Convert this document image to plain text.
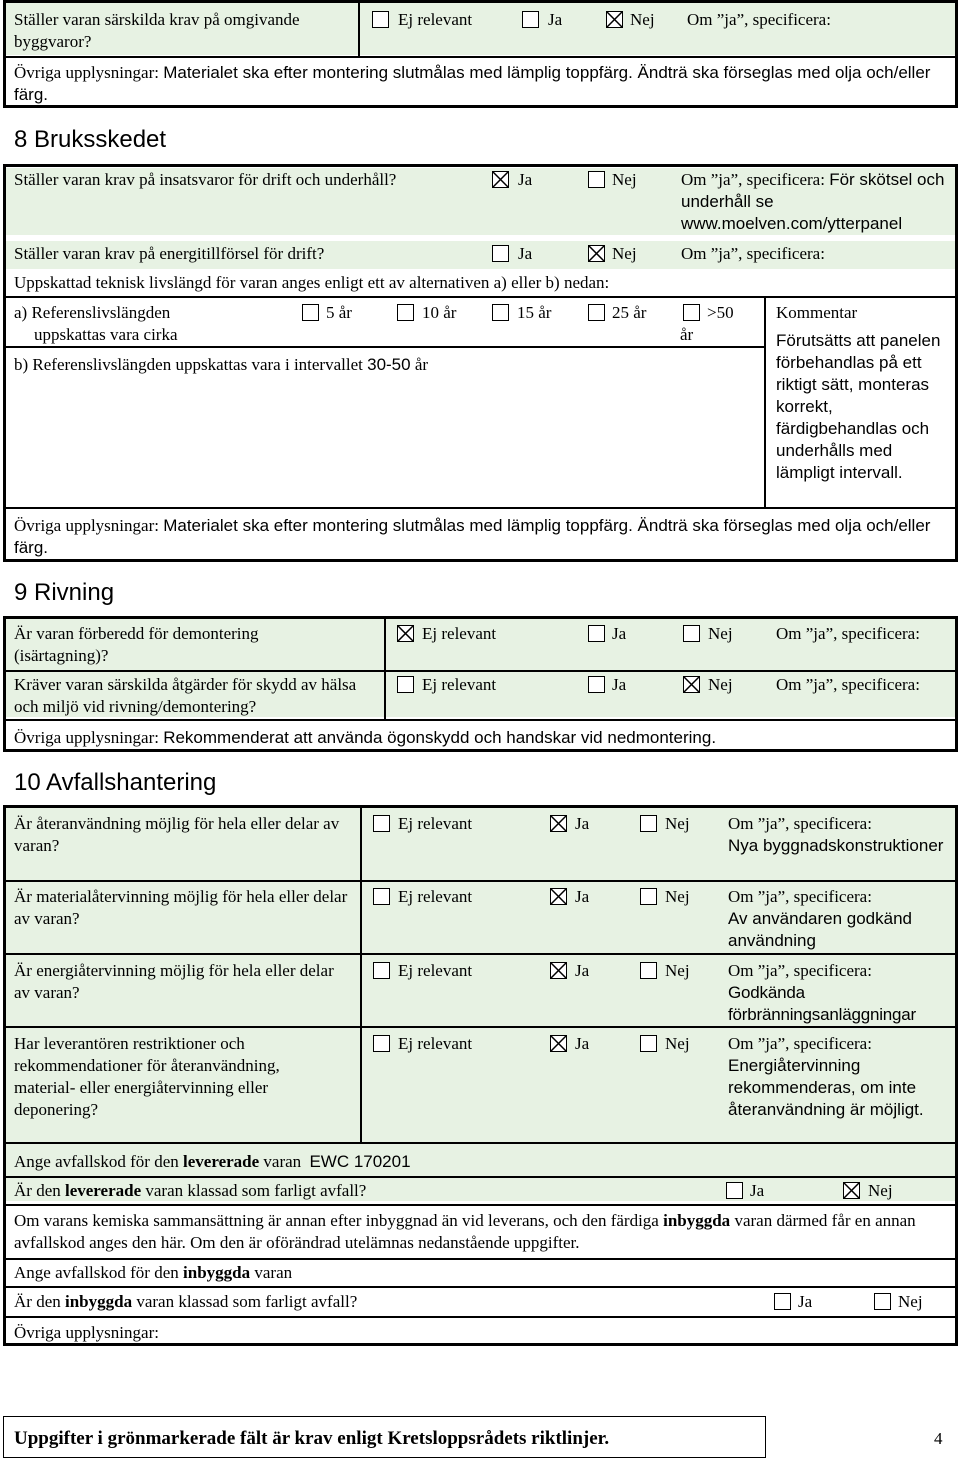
Ställer varan särskilda krav på omgivande byggvaror?
Ej relevant	Ja	Nej Om ”ja”, specificera:
Övriga upplysningar: Materialet ska efter montering slutmålas med lämplig toppfärg. Ändträ ska förseglas med olja och/eller färg.
8 Bruksskedet
Ställer varan krav på insatsvaror för drift och underhåll?	Ja	Nej	Om ”ja”, specificera: För skötsel och underhåll se www.moelven.com/ytterpanel
Ställer varan krav på energitillförsel för drift?	Ja	Nej	Om ”ja”, specificera:
Uppskattad teknisk livslängd för varan anges enligt ett av alternativen a) eller b) nedan:
a) Referenslivslängden uppskattas vara cirka
5 år	10 år	15 år	25 år	>50 år
b) Referenslivslängden uppskattas vara i intervallet 30-50 år
Kommentar
Förutsätts att panelen förbehandlas på ett riktigt sätt, monteras korrekt, färdigbehandlas och underhålls med lämpligt intervall.
Övriga upplysningar: Materialet ska efter montering slutmålas med lämplig toppfärg. Ändträ ska förseglas med olja och/eller färg.
9 Rivning
Är varan förberedd för demontering (isärtagning)?
Ej relevant	Ja	Nej	Om ”ja”, specificera:
Kräver varan särskilda åtgärder för skydd av hälsa och miljö vid rivning/demontering?
Ej relevant	Ja	Nej	Om ”ja”, specificera:
Övriga upplysningar: Rekommenderat att använda ögonskydd och handskar vid nedmontering.
10 Avfallshantering
Är återanvändning möjlig för hela eller delar av varan?
Ej relevant	Ja	Nej Om ”ja”, specificera:
Nya byggnadskonstruktioner
Är materialåtervinning möjlig för hela eller delar av varan?
Ej relevant	Ja	Nej Om ”ja”, specificera:
Av användaren godkänd användning
Är energiåtervinning möjlig för hela eller delar av varan?
Ej relevant	Ja	Nej Om ”ja”, specificera:
Godkända förbränningsanläggningar
Har leverantören restriktioner och rekommendationer för återanvändning, material- eller energiåtervinning eller deponering?
Ej relevant	Ja	Nej Om ”ja”, specificera:
Energiåtervinning rekommenderas, om inte återanvändning är möjligt.
Ange avfallskod för den levererade varan EWC 170201
Är den levererade varan klassad som farligt avfall?	Ja	Nej
Om varans kemiska sammansättning är annan efter inbyggnad än vid leverans, och den färdiga inbyggda varan därmed får en annan avfallskod anges den här. Om den är oförändrad utelämnas nedanstående uppgifter.
Ange avfallskod för den inbyggda varan
Är den inbyggda varan klassad som farligt avfall?	Ja	Nej
Övriga upplysningar:
Uppgifter i grönmarkerade fält är krav enligt Kretsloppsrådets riktlinjer.	4
